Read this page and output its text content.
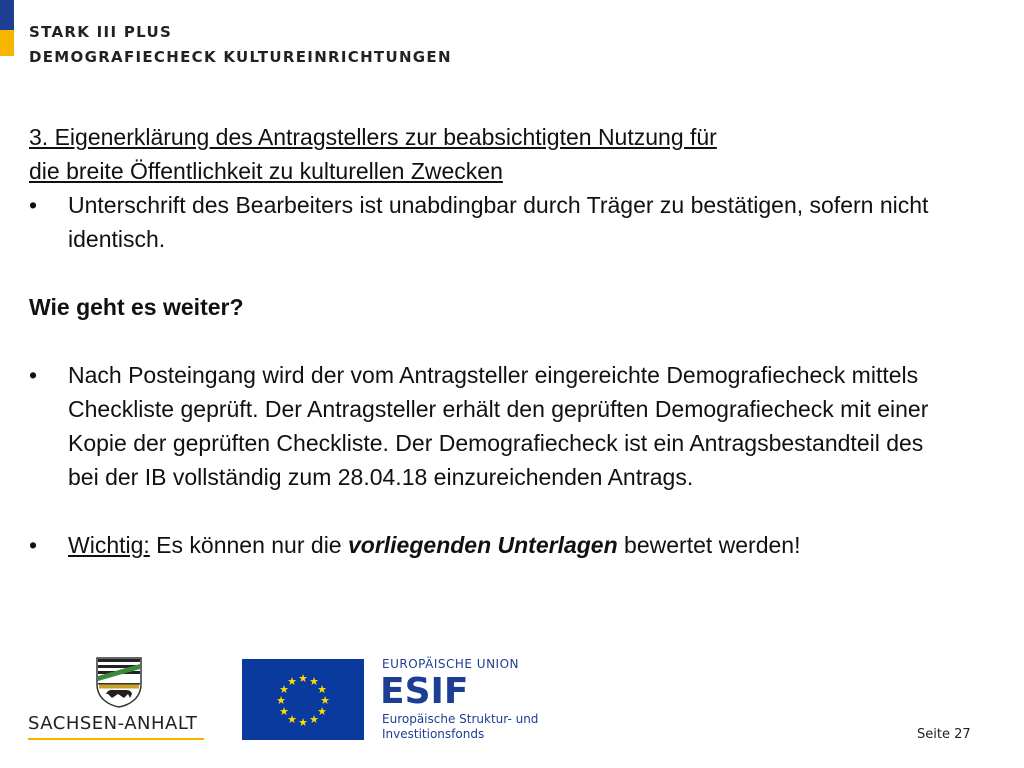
STARK III PLUS
DEMOGRAFIECHECK KULTUREINRICHTUNGEN

3. Eigenerklärung des Antragstellers zur beabsichtigten Nutzung für

die breite Öffentlichkeit zu kulturellen Zwecken

•	Unterschrift des Bearbeiters ist unabdingbar durch Träger zu bestätigen, sofern nicht identisch.

Wie geht es weiter?

•	Nach Posteingang wird der vom Antragsteller eingereichte Demografiecheck mittels Checkliste geprüft. Der Antragsteller erhält den geprüften Demografiecheck mit einer Kopie der geprüften Checkliste. Der Demografiecheck ist ein Antragsbestandteil des bei der IB vollständig zum 28.04.18 einzureichenden Antrags.
•	Wichtig: Es können nur die vorliegenden Unterlagen bewertet werden!
SACHSEN-ANHALT
★ ★
★
★
★
★
★
★
★
★
★
★
EUROPÄISCHE UNION
ESIF
Europäische Struktur- und
Investitionsfonds	Seite 27
